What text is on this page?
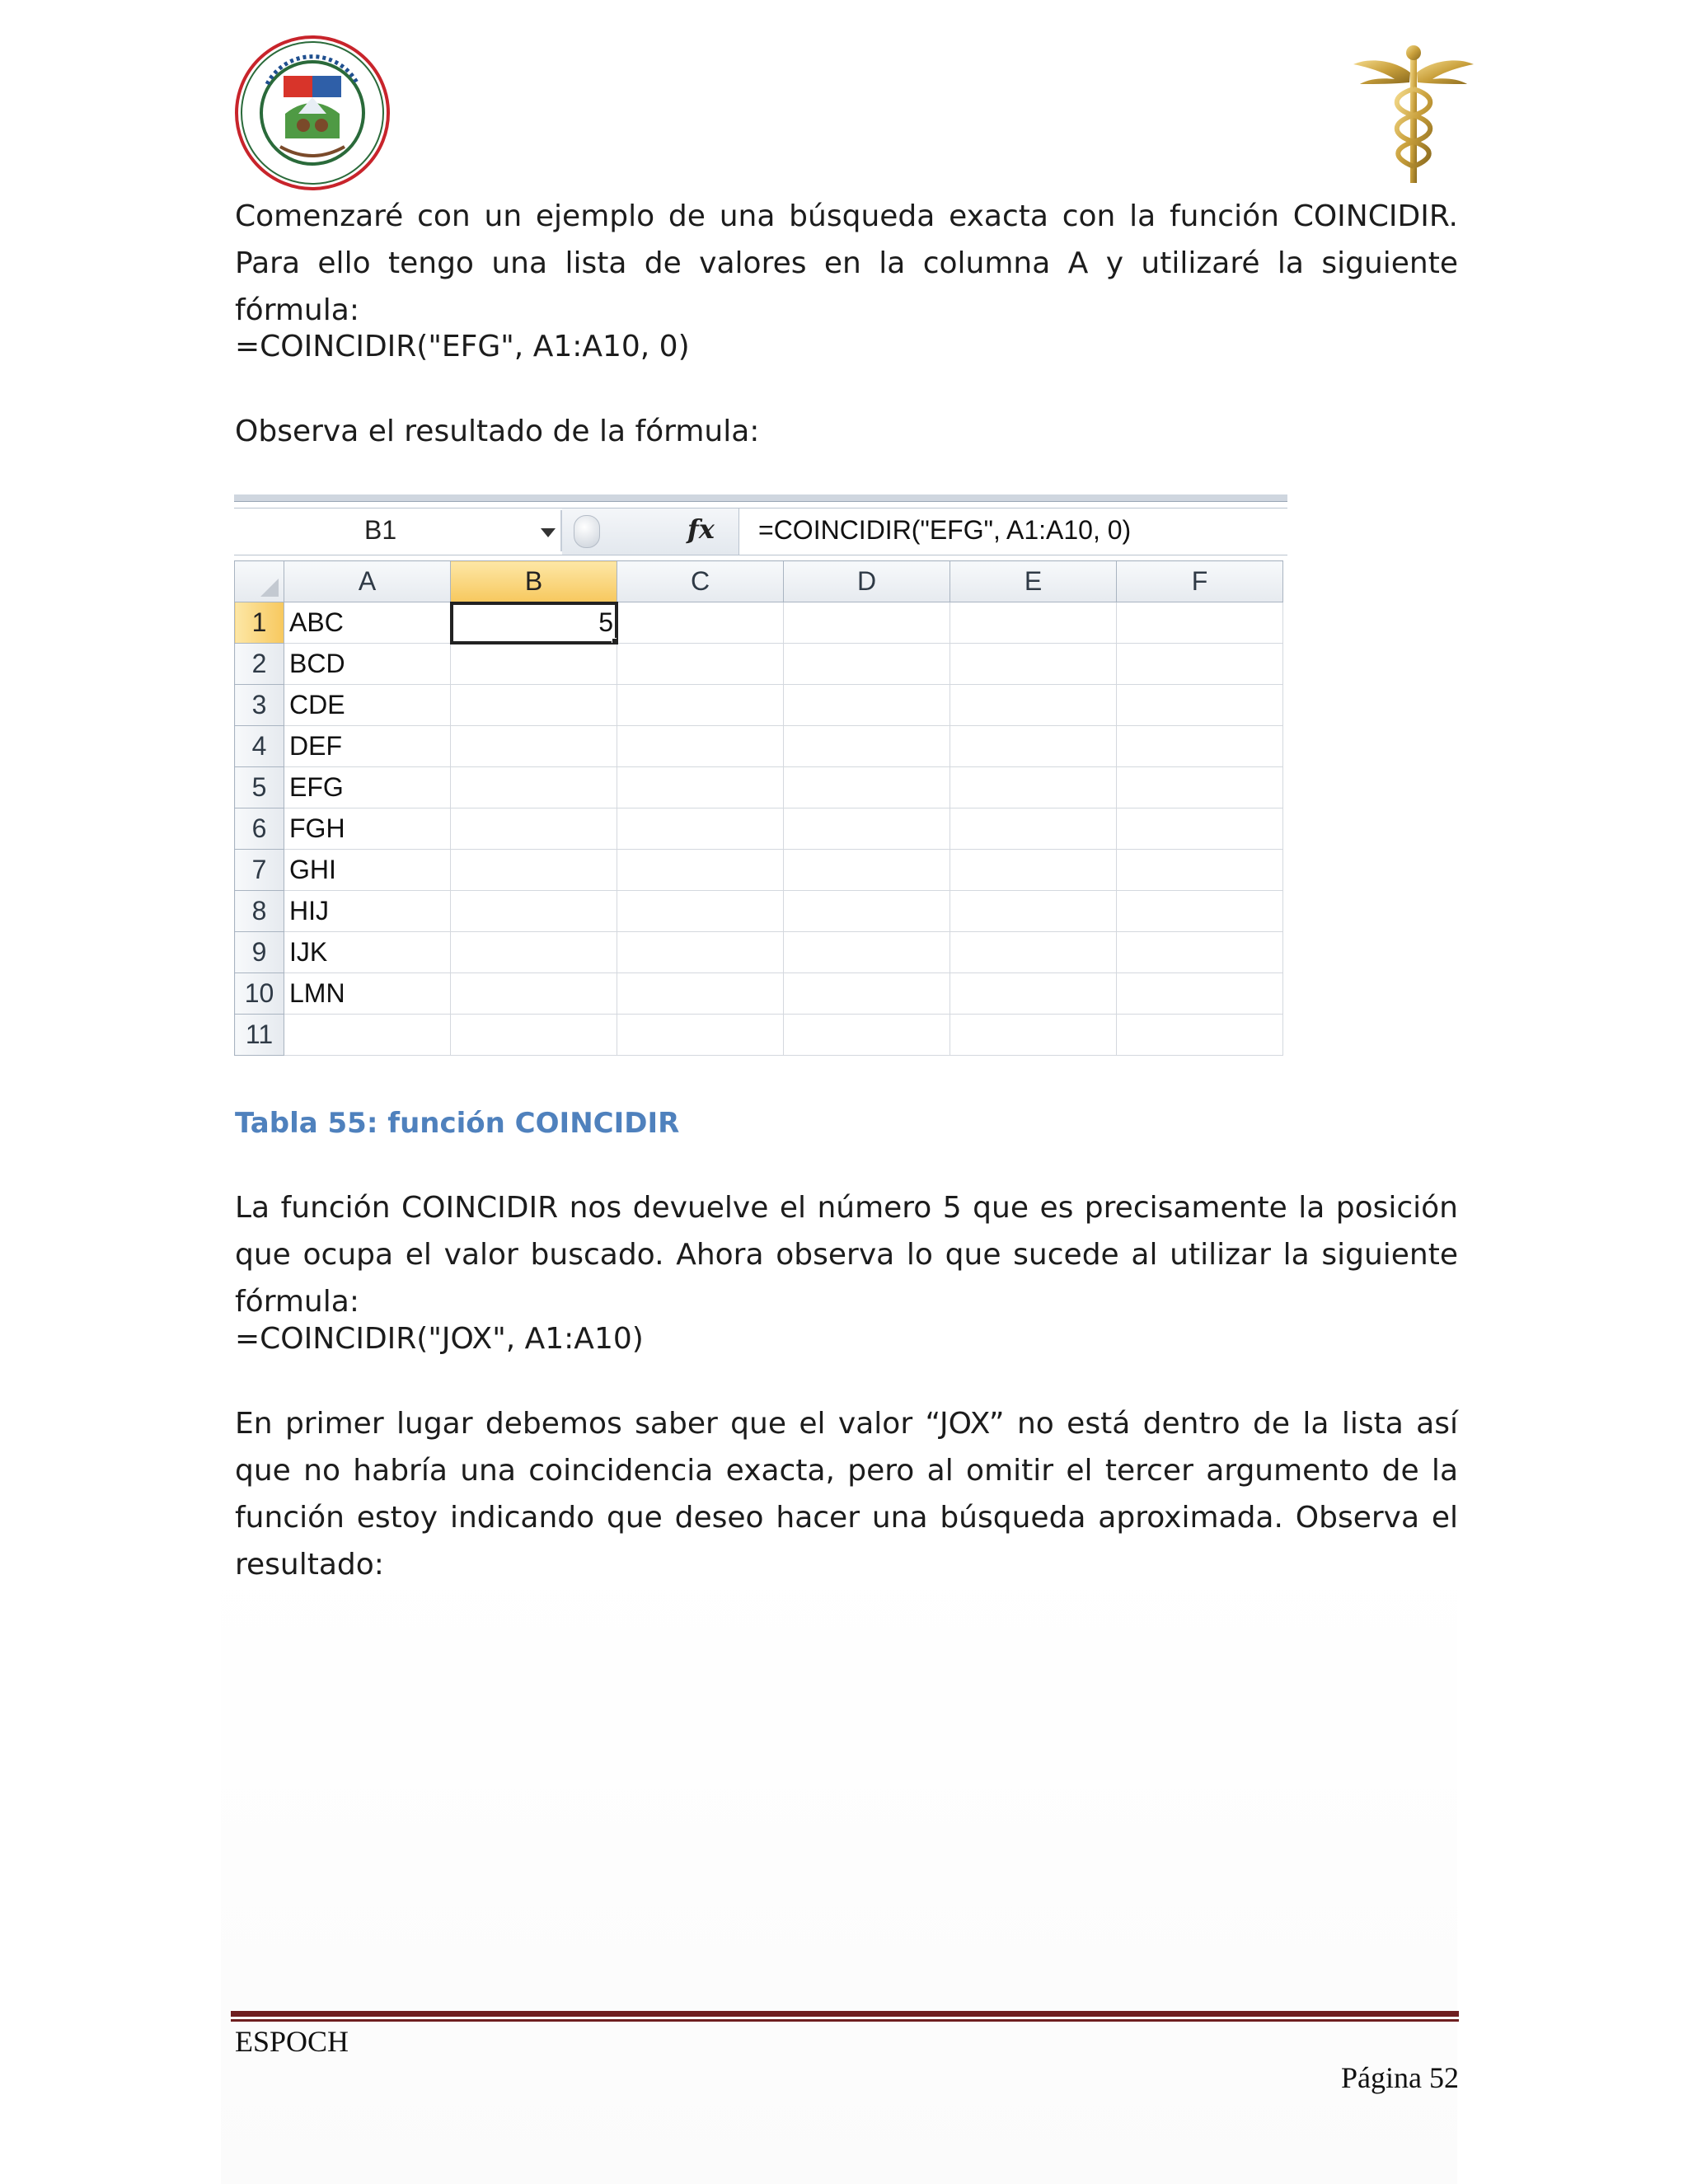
Comenzaré con un ejemplo de una búsqueda exacta con la función COINCIDIR. Para ello tengo una lista de valores en la columna A y utilizaré la siguiente fórmula:
=COINCIDIR("EFG", A1:A10, 0)
Observa el resultado de la fórmula:
B1	fx =COINCIDIR("EFG", A1:A10, 0)
	A	B	C	D	E	F
1	ABC	5

2	BCD					
3	CDE					
4	DEF					
5	EFG					
6	FGH					
7	GHI					
8	HIJ					
9	IJK					
10	LMN					
11						
Tabla 55: función COINCIDIR
La función COINCIDIR nos devuelve el número 5 que es precisamente la posición que ocupa el valor buscado. Ahora observa lo que sucede al utilizar la siguiente fórmula:
=COINCIDIR("JOX", A1:A10)
En primer lugar debemos saber que el valor “JOX” no está dentro de la lista así que no habría una coincidencia exacta, pero al omitir el tercer argumento de la función estoy indicando que deseo hacer una búsqueda aproximada. Observa el resultado:
ESPOCH
Página 52
